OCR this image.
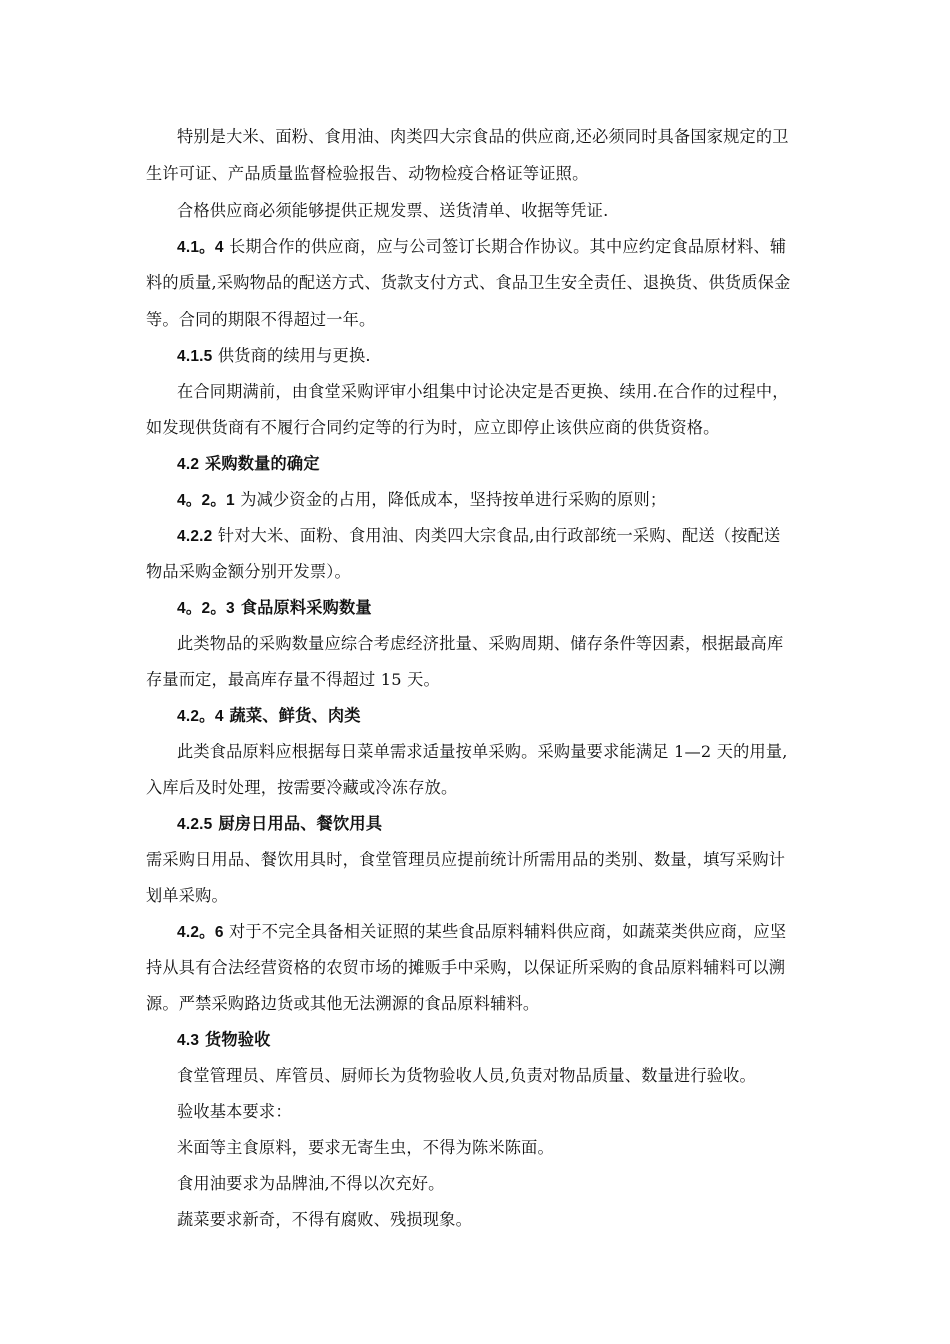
特别是大米、面粉、食用油、肉类四大宗食品的供应商,还必须同时具备国家规定的卫
生许可证、产品质量监督检验报告、动物检疫合格证等证照。
合格供应商必须能够提供正规发票、送货清单、收据等凭证.
4.1。4 长期合作的供应商，应与公司签订长期合作协议。其中应约定食品原材料、辅
料的质量,采购物品的配送方式、货款支付方式、食品卫生安全责任、退换货、供货质保金
等。合同的期限不得超过一年。
4.1.5 供货商的续用与更换.
在合同期满前，由食堂采购评审小组集中讨论决定是否更换、续用.在合作的过程中，
如发现供货商有不履行合同约定等的行为时，应立即停止该供应商的供货资格。
4.2 采购数量的确定
4。2。1 为减少资金的占用，降低成本，坚持按单进行采购的原则；
4.2.2 针对大米、面粉、食用油、肉类四大宗食品,由行政部统一采购、配送（按配送
物品采购金额分别开发票）。
4。2。3 食品原料采购数量
此类物品的采购数量应综合考虑经济批量、采购周期、储存条件等因素，根据最高库
存量而定，最高库存量不得超过 15 天。
4.2。4 蔬菜、鲜货、肉类
此类食品原料应根据每日菜单需求适量按单采购。采购量要求能满足 1—2 天的用量,
入库后及时处理，按需要冷藏或冷冻存放。
4.2.5 厨房日用品、餐饮用具
需采购日用品、餐饮用具时，食堂管理员应提前统计所需用品的类别、数量，填写采购计
划单采购。
4.2。6 对于不完全具备相关证照的某些食品原料辅料供应商，如蔬菜类供应商，应坚
持从具有合法经营资格的农贸市场的摊贩手中采购，以保证所采购的食品原料辅料可以溯
源。严禁采购路边货或其他无法溯源的食品原料辅料。
4.3 货物验收
食堂管理员、库管员、厨师长为货物验收人员,负责对物品质量、数量进行验收。
验收基本要求：
米面等主食原料，要求无寄生虫，不得为陈米陈面。
食用油要求为品牌油,不得以次充好。
蔬菜要求新奇，不得有腐败、残损现象。
